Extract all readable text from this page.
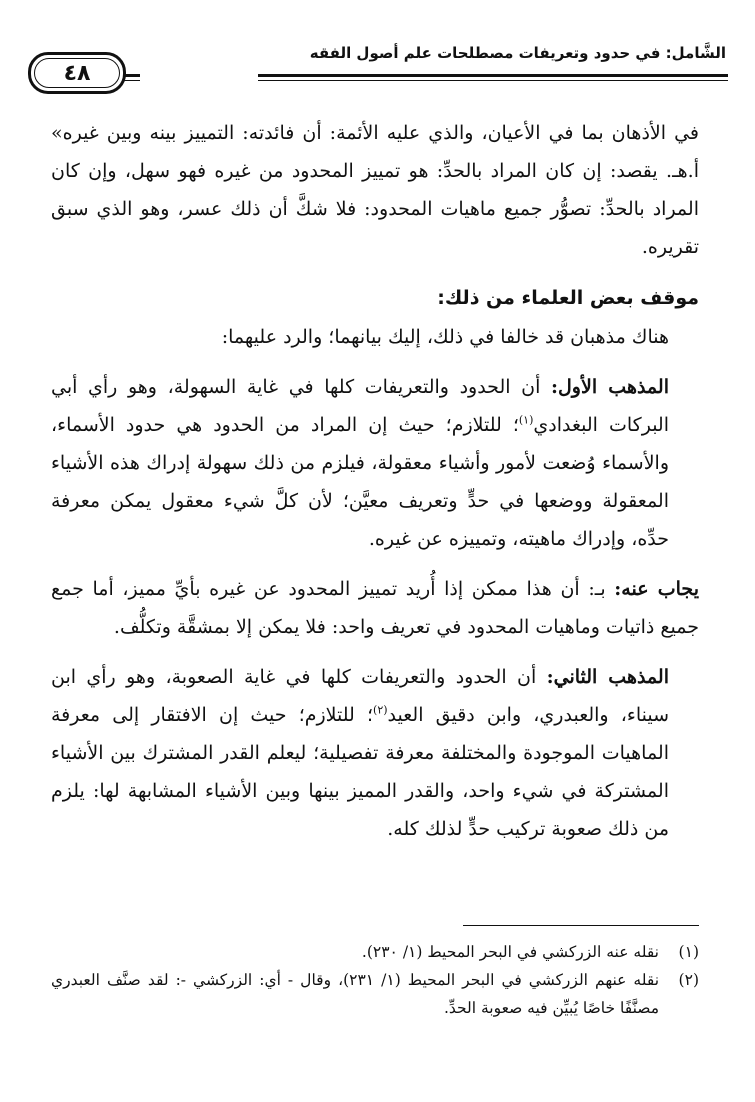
الشَّامل: في حدود وتعريفات مصطلحات علم أصول الفقه
٤٨

في الأذهان بما في الأعيان، والذي عليه الأئمة: أن فائدته: التمييز بينه وبين غيره» أ.هـ. يقصد: إن كان المراد بالحدِّ: هو تمييز المحدود من غيره فهو سهل، وإن كان المراد بالحدِّ: تصوُّر جميع ماهيات المحدود: فلا شكَّ أن ذلك عسر، وهو الذي سبق تقريره.

موقف بعض العلماء من ذلك:

هناك مذهبان قد خالفا في ذلك، إليك بيانهما؛ والرد عليهما:

المذهب الأول: أن الحدود والتعريفات كلها في غاية السهولة، وهو رأي أبي البركات البغدادي$^{(١)}$؛ للتلازم؛ حيث إن المراد من الحدود هي حدود الأسماء، والأسماء وُضعت لأمور وأشياء معقولة، فيلزم من ذلك سهولة إدراك هذه الأشياء المعقولة ووضعها في حدٍّ وتعريف معيَّن؛ لأن كلَّ شيء معقول يمكن معرفة حدِّه، وإدراك ماهيته، وتمييزه عن غيره.

يجاب عنه: بـ: أن هذا ممكن إذا أُريد تمييز المحدود عن غيره بأيِّ مميز، أما جمع جميع ذاتيات وماهيات المحدود في تعريف واحد: فلا يمكن إلا بمشقَّة وتكلُّف.

المذهب الثاني: أن الحدود والتعريفات كلها في غاية الصعوبة، وهو رأي ابن سيناء، والعبدري، وابن دقيق العيد$^{(٢)}$؛ للتلازم؛ حيث إن الافتقار إلى معرفة الماهيات الموجودة والمختلفة معرفة تفصيلية؛ ليعلم القدر المشترك بين الأشياء المشتركة في شيء واحد، والقدر المميز بينها وبين الأشياء المشابهة لها: يلزم من ذلك صعوبة تركيب حدٍّ لذلك كله.

(١)
نقله عنه الزركشي في البحر المحيط (١/ ٢٣٠).

(٢)
نقله عنهم الزركشي في البحر المحيط (١/ ٢٣١)، وقال - أي: الزركشي -: لقد صنَّف العبدري مصنَّفًا خاصًا يُبيِّن فيه صعوبة الحدِّ.
